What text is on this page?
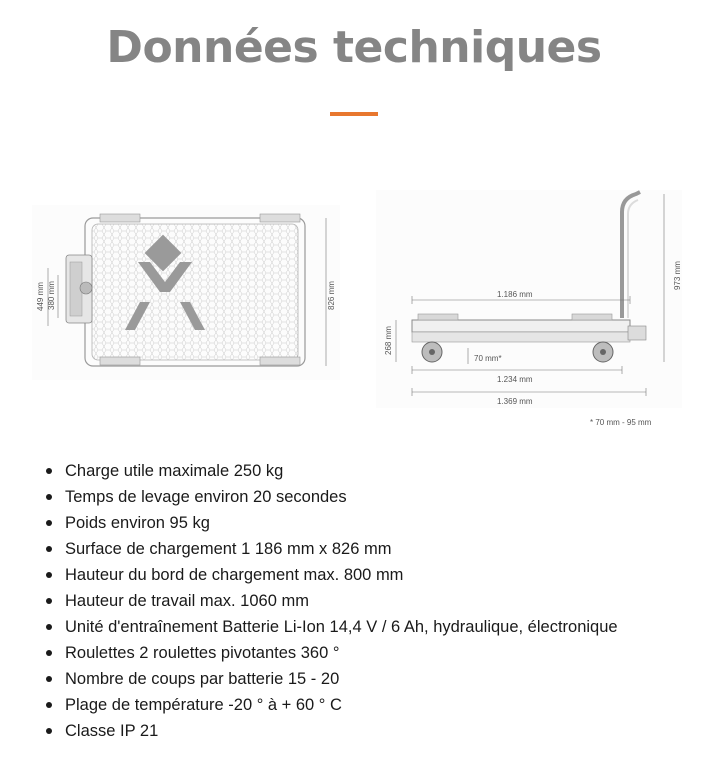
Données techniques
449 mm 380 mm	826 mm	1.186 mm
973 mm
268 mm
70 mm*
1.234 mm
1.369 mm
* 70 mm - 95 mm
Charge utile maximale 250 kg
Temps de levage environ 20 secondes
Poids environ 95 kg
Surface de chargement 1 186 mm x 826 mm
Hauteur du bord de chargement max. 800 mm
Hauteur de travail max. 1060 mm
Unité d'entraînement Batterie Li-Ion 14,4 V / 6 Ah, hydraulique, électronique
Roulettes 2 roulettes pivotantes 360 °
Nombre de coups par batterie 15 - 20
Plage de température -20 ° à + 60 ° C
Classe IP 21
